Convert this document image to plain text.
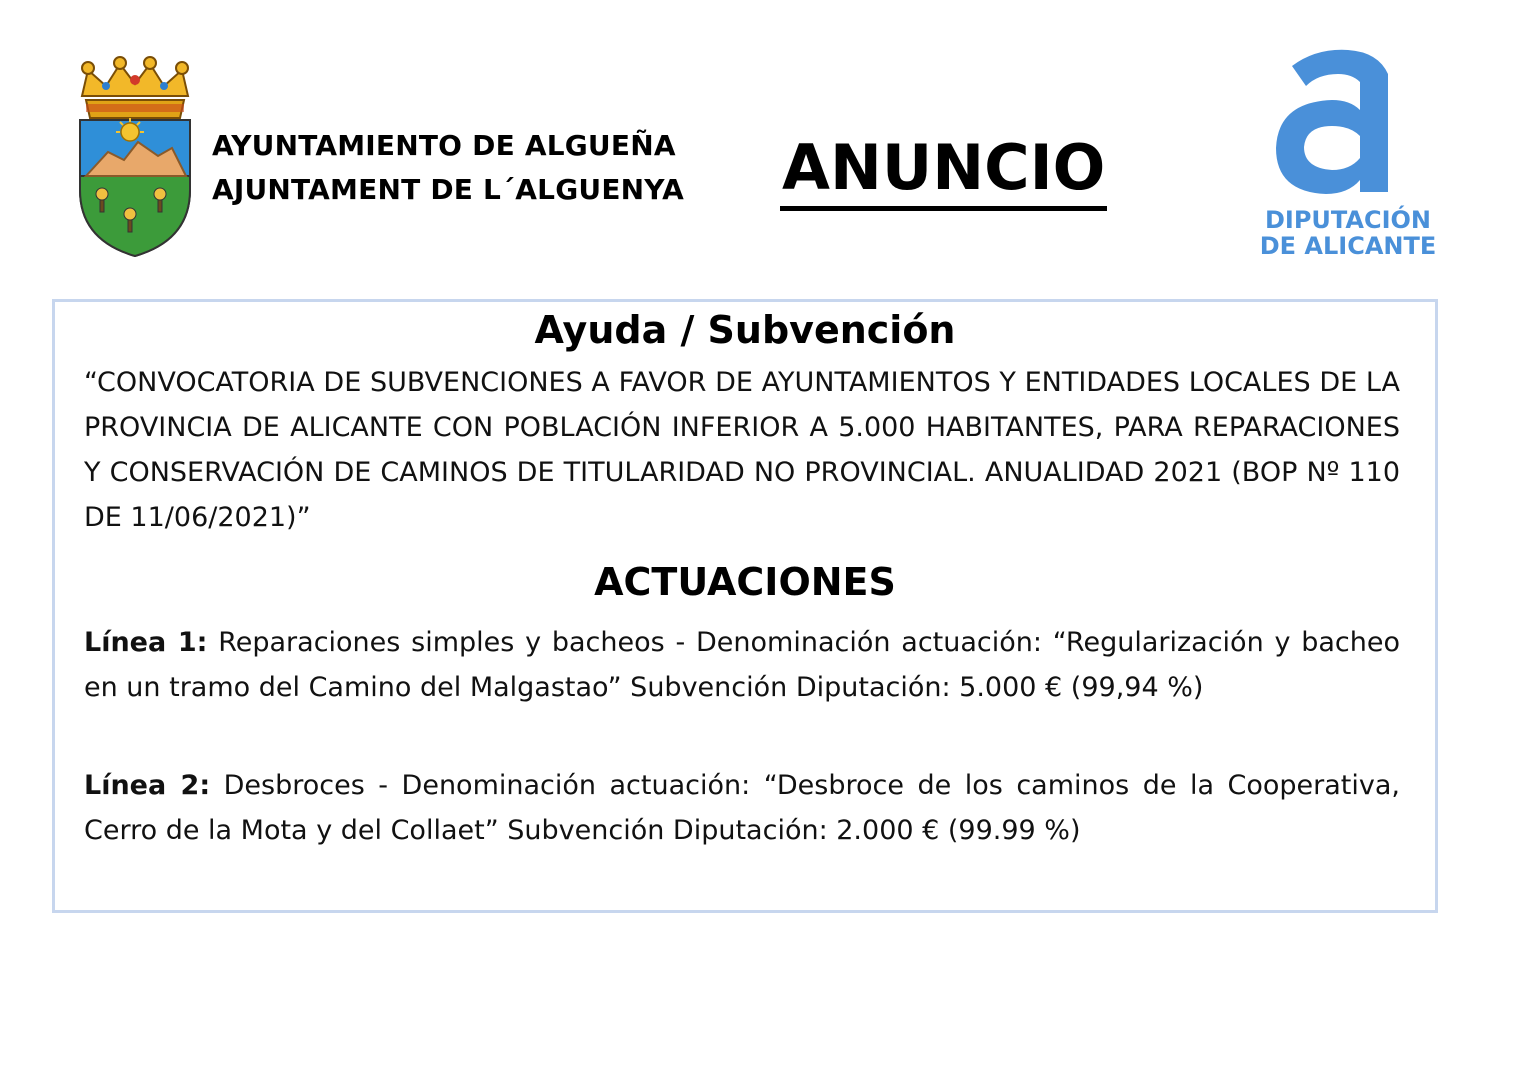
AYUNTAMIENTO DE ALGUEÑA
AJUNTAMENT DE L´ALGUENYA ANUNCIO
a
DIPUTACIÓN
DE ALICANTE
Ayuda / Subvención

“CONVOCATORIA DE SUBVENCIONES A FAVOR DE AYUNTAMIENTOS Y ENTIDADES LOCALES DE LA PROVINCIA DE ALICANTE CON POBLACIÓN INFERIOR A 5.000 HABITANTES, PARA REPARACIONES Y CONSERVACIÓN DE CAMINOS DE TITULARIDAD NO PROVINCIAL. ANUALIDAD 2021 (BOP Nº 110 DE 11/06/2021)”

ACTUACIONES

Línea 1: Reparaciones simples y bacheos - Denominación actuación: “Regularización y bacheo en un tramo del Camino del Malgastao” Subvención Diputación: 5.000 € (99,94 %)

Línea 2: Desbroces - Denominación actuación: “Desbroce de los caminos de la Cooperativa, Cerro de la Mota y del Collaet” Subvención Diputación: 2.000 € (99.99 %)
